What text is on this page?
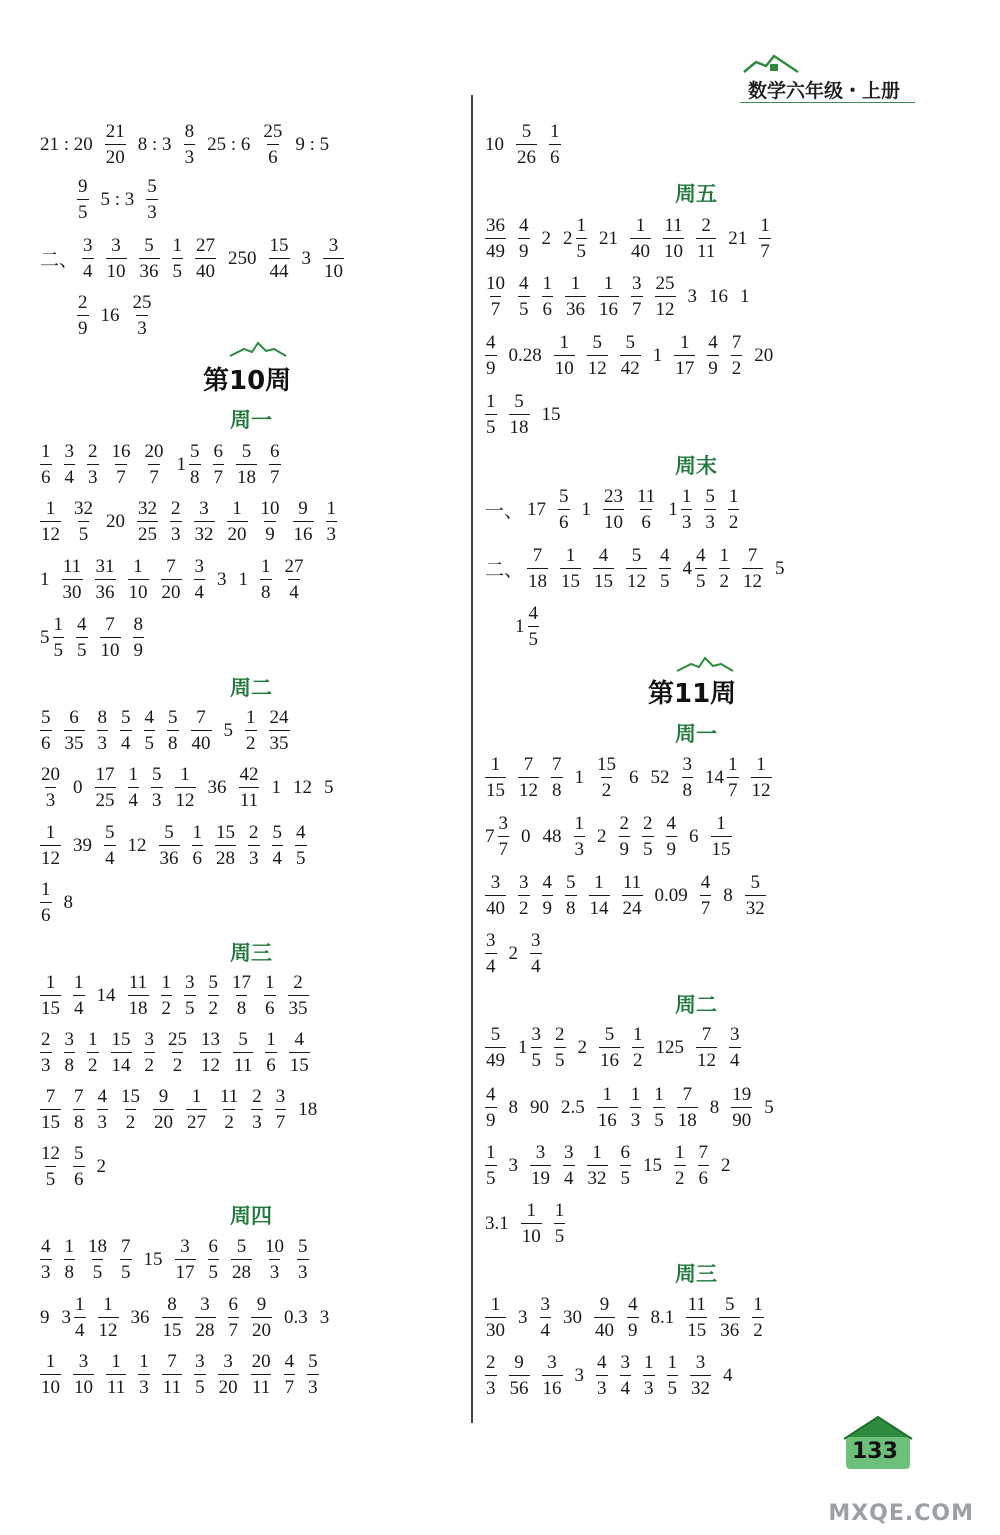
数学六年级・上册
21 : $20 \frac{21}{20} 8$ : $3 \frac{8}{3} 25$ : $6 \frac{25}{6} 9$ : 5
$\frac{9}{5} 5$ : $3 \frac{5}{3}$
二、 $\frac{3}{4} \frac{3}{10} \frac{5}{36} \frac{1}{5} \frac{27}{40} 250 \frac{15}{44} 3 \frac{3}{10}$
$\frac{2}{9} 16 \frac{25}{3}$
第10周
周一
$\frac{1}{6} \frac{3}{4} \frac{2}{3} \frac{16}{7} \frac{20}{7} 1 \frac{5}{8} \frac{6}{7} \frac{5}{18} \frac{6}{7}$
$\frac{1}{12} \frac{32}{5} 20 \frac{32}{25} \frac{2}{3} \frac{3}{32} \frac{1}{20} \frac{10}{9} \frac{9}{16} \frac{1}{3}$
$1 \frac{11}{30} \frac{31}{36} \frac{1}{10} \frac{7}{20} \frac{3}{4} 3$ $1 \frac{1}{8} \frac{27}{4}$
$5 \frac{1}{5} \frac{4}{5} \frac{7}{10} \frac{8}{9}$
周二
$\frac{5}{6} \frac{6}{35} \frac{8}{3} \frac{5}{4} \frac{4}{5} \frac{5}{8} \frac{7}{40} 5 \frac{1}{2} \frac{24}{35}$
$\frac{20}{3} 0 \frac{17}{25} \frac{1}{4} \frac{5}{3} \frac{1}{12} 36 \frac{42}{11} 1$ 12 5
$\frac{1}{12} 39 \frac{5}{4} 12 \frac{5}{36} \frac{1}{6} \frac{15}{28} \frac{2}{3} \frac{5}{4} \frac{4}{5}$
$\frac{1}{6} 8$
周三
$\frac{1}{15} \frac{1}{4} 14 \frac{11}{18} \frac{1}{2} \frac{3}{5} \frac{5}{2} \frac{17}{8} \frac{1}{6} \frac{2}{35}$
$\frac{2}{3} \frac{3}{8} \frac{1}{2} \frac{15}{14} \frac{3}{2} \frac{25}{2} \frac{13}{12} \frac{5}{11} \frac{1}{6} \frac{4}{15}$
$\frac{7}{15} \frac{7}{8} \frac{4}{3} \frac{15}{2} \frac{9}{20} \frac{1}{27} \frac{11}{2} \frac{2}{3} \frac{3}{7} 18$
$\frac{12}{5} \frac{5}{6} 2$
周四
$\frac{4}{3} \frac{1}{8} \frac{18}{5} \frac{7}{5} 15 \frac{3}{17} \frac{6}{5} \frac{5}{28} \frac{10}{3} \frac{5}{3}$
9 $3 \frac{1}{4} \frac{1}{12} 36 \frac{8}{15} \frac{3}{28} \frac{6}{7} \frac{9}{20} 0.3$ 3
$\frac{1}{10} \frac{3}{10} \frac{1}{11} \frac{1}{3} \frac{7}{11} \frac{3}{5} \frac{3}{20} \frac{20}{11} \frac{4}{7} \frac{5}{3}$
$10 \frac{5}{26} \frac{1}{6}$
周五
$\frac{36}{49} \frac{4}{9} 2$ $2 \frac{1}{5} 21 \frac{1}{40} \frac{11}{10} \frac{2}{11} 21 \frac{1}{7}$
$\frac{10}{7} \frac{4}{5} \frac{1}{6} \frac{1}{36} \frac{1}{16} \frac{3}{7} \frac{25}{12} 3$ 16 1
$\frac{4}{9} 0.28 \frac{1}{10} \frac{5}{12} \frac{5}{42} 1 \frac{1}{17} \frac{4}{9} \frac{7}{2} 20$
$\frac{1}{5} \frac{5}{18} 15$
周末
一、 $17 \frac{5}{6} 1 \frac{23}{10} \frac{11}{6} 1 \frac{1}{3} \frac{5}{3} \frac{1}{2}$
二、 $\frac{7}{18} \frac{1}{15} \frac{4}{15} \frac{5}{12} \frac{4}{5} 4 \frac{4}{5} \frac{1}{2} \frac{7}{12} 5$
$1 \frac{4}{5}$
第11周
周一
$\frac{1}{15} \frac{7}{12} \frac{7}{8} 1 \frac{15}{2} 6$ $52 \frac{3}{8} 14 \frac{1}{7} \frac{1}{12}$
$7 \frac{3}{7} 0$ $48 \frac{1}{3} 2 \frac{2}{9} \frac{2}{5} \frac{4}{9} 6 \frac{1}{15}$
$\frac{3}{40} \frac{3}{2} \frac{4}{9} \frac{5}{8} \frac{1}{14} \frac{11}{24} 0.09 \frac{4}{7} 8 \frac{5}{32}$
$\frac{3}{4} 2 \frac{3}{4}$
周二
$\frac{5}{49} 1 \frac{3}{5} \frac{2}{5} 2 \frac{5}{16} \frac{1}{2} 125 \frac{7}{12} \frac{3}{4}$
$\frac{4}{9} 8$ 90 $2.5 \frac{1}{16} \frac{1}{3} \frac{1}{5} \frac{7}{18} 8 \frac{19}{90} 5$
$\frac{1}{5} 3 \frac{3}{19} \frac{3}{4} \frac{1}{32} \frac{6}{5} 15 \frac{1}{2} \frac{7}{6} 2$
$3.1 \frac{1}{10} \frac{1}{5}$
周三
$\frac{1}{30} 3 \frac{3}{4} 30 \frac{9}{40} \frac{4}{9} 8.1 \frac{11}{15} \frac{5}{36} \frac{1}{2}$
$\frac{2}{3} \frac{9}{56} \frac{3}{16} 3 \frac{4}{3} \frac{3}{4} \frac{1}{3} \frac{1}{5} \frac{3}{32} 4$
133
MXQE.COM
